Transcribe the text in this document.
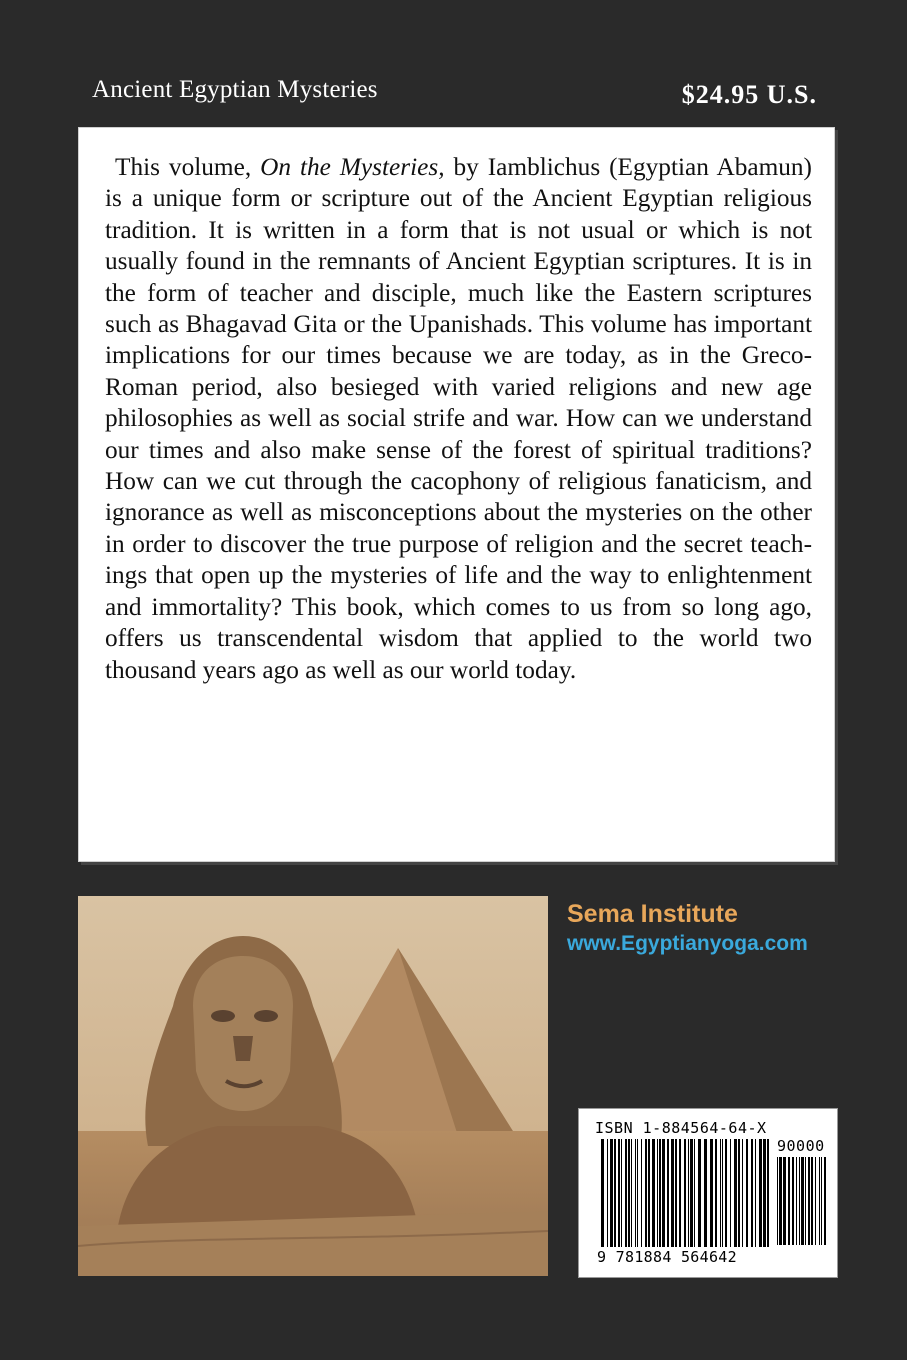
Ancient Egyptian Mysteries	$24.95 U.S.

This volume, On the Mysteries, by Iamblichus (Egyptian Abamun) is a unique form or scripture out of the Ancient Egyptian religious tradition. It is written in a form that is not usual or which is not usually found in the remnants of Ancient Egyptian scriptures. It is in the form of teacher and disciple, much like the Eastern scriptures such as Bhagavad Gita or the Upanishads. This volume has important implications for our times because we are today, as in the Greco-Roman period, also besieged with varied religions and new age philosophies as well as social strife and war. How can we understand our times and also make sense of the forest of spiritual traditions? How can we cut through the cacophony of religious fanaticism, and ignorance as well as misconceptions about the mysteries on the other in order to discover the true purpose of religion and the secret teachings that open up the mysteries of life and the way to enlightenment and immortality? This book, which comes to us from so long ago, offers us transcendental wisdom that applied to the world two thousand years ago as well as our world today.

Sema Institute
www.Egyptianyoga.com
ISBN 1-884564-64-X
90000
9 781884 564642
